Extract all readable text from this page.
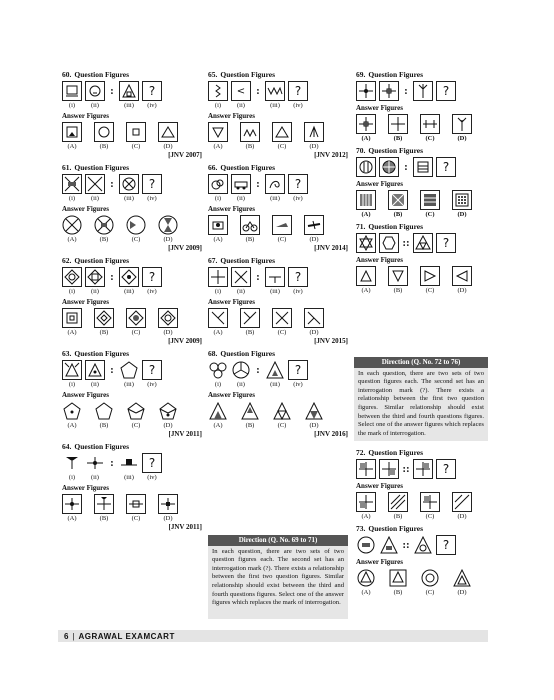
60. Question Figures
:	?
(i)	(ii)	(iii)	(iv)
Answer Figures
(A)	(B)	(C)	(D)
[JNV 2007]
61. Question Figures
:	?
(i)	(ii)	(iii)	(iv)
Answer Figures
(A)	(B)	(C)	(D)
[JNV 2009]
62. Question Figures
:	?
(i)	(ii)	(iii)	(iv)
Answer Figures
(A)	(B)	(C)	(D)
[JNV 2009]
63. Question Figures
:	?
(i)	(ii)	(iii)	(iv)
Answer Figures
(A)	(B)	(C)	(D)
[JNV 2011]
64. Question Figures
:	?
(i)	(ii)	(iii)	(iv)
Answer Figures
(A)	(B)	(C)	(D)
[JNV 2011]
65. Question Figures
< :	?
(i)	(ii)	(iii)	(iv)
Answer Figures
(A)	(B)	(C)	(D)
[JNV 2012]
66. Question Figures
:	?
(i)	(ii)	(iii)	(iv)
Answer Figures
(A)	(B)	(C)	(D)
[JNV 2014]
67. Question Figures
:	?
(i)	(ii)	(iii)	(iv)
Answer Figures
(A)	(B)	(C)	(D)
[JNV 2015]
68. Question Figures
:	?
(i)	(ii)	(iii)	(iv)
Answer Figures
(A)	(B)	(C)	(D)
[JNV 2016]
Direction (Q. No. 69 to 71)
In each question, there are two sets of two question figures each. The second set has an interrogation mark (?). There exists a relationship between the first two question figures. Similar relationship should exist between the third and fourth questions figures. Select one of the answer figures which replaces the mark of interrogation.
69. Question Figures
:	?
Answer Figures
(A)	(B)	(C)	(D)
70. Question Figures
:	?
Answer Figures
(A)	(B)	(C)	(D)
71. Question Figures
::	?
Answer Figures
(A)	(B)	(C)	(D)
Direction (Q. No. 72 to 76)
In each question, there are two sets of two question figures each. The second set has an interrogation mark (?). There exists a relationship between the first two question figures. Similar relationship should exist between the third and fourth questions figures. Select one of the answer figures which replaces the mark of interrogation.
72. Question Figures
::	?
Answer Figures
(A)	(B)	(C)	(D)
73. Question Figures
::	?
Answer Figures
(A)	(B)	(C)	(D)
6 | AGRAWAL EXAMCART
